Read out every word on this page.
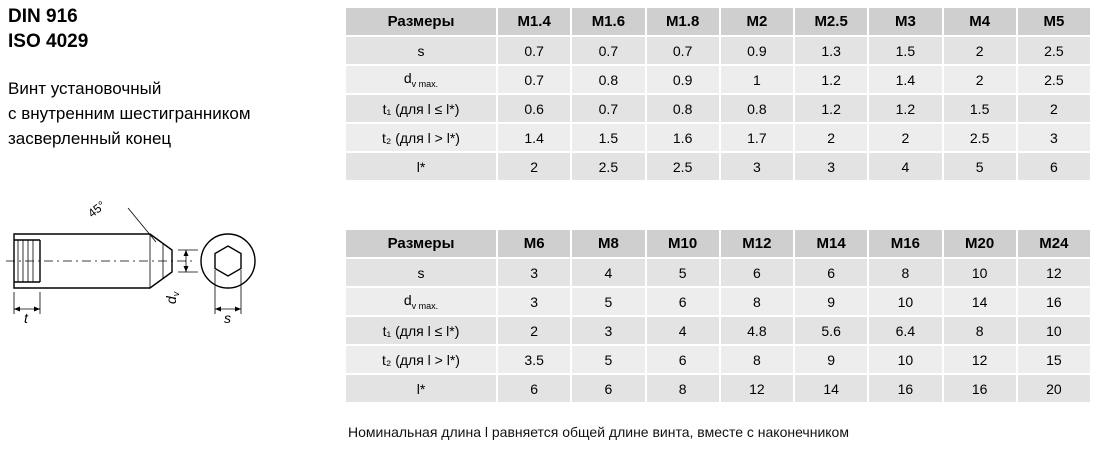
DIN 916
ISO 4029
Винт установочный
с внутренним шестигранником
засверленный конец
45°
t	s
$d_v$
Размеры	M1.4	M1.6	M1.8	M2	M2.5	M3	M4	M5
s	0.7	0.7	0.7	0.9	1.3	1.5	2	2.5
$d_{v max.}$	0.7	0.8	0.9	1	1.2	1.4	2	2.5
t₁ (для l ≤ l*)	0.6	0.7	0.8	0.8	1.2	1.2	1.5	2
t₂ (для l > l*)	1.4	1.5	1.6	1.7	2	2	2.5	3
l*	2	2.5	2.5	3	3	4	5	6
Размеры	M6	M8	M10	M12	M14	M16	M20	M24
s	3	4	5	6	6	8	10	12
$d_{v max.}$	3	5	6	8	9	10	14	16
t₁ (для l ≤ l*)	2	3	4	4.8	5.6	6.4	8	10
t₂ (для l > l*)	3.5	5	6	8	9	10	12	15
l*	6	6	8	12	14	16	16	20
Номинальная длина l равняется общей длине винта, вместе с наконечником
